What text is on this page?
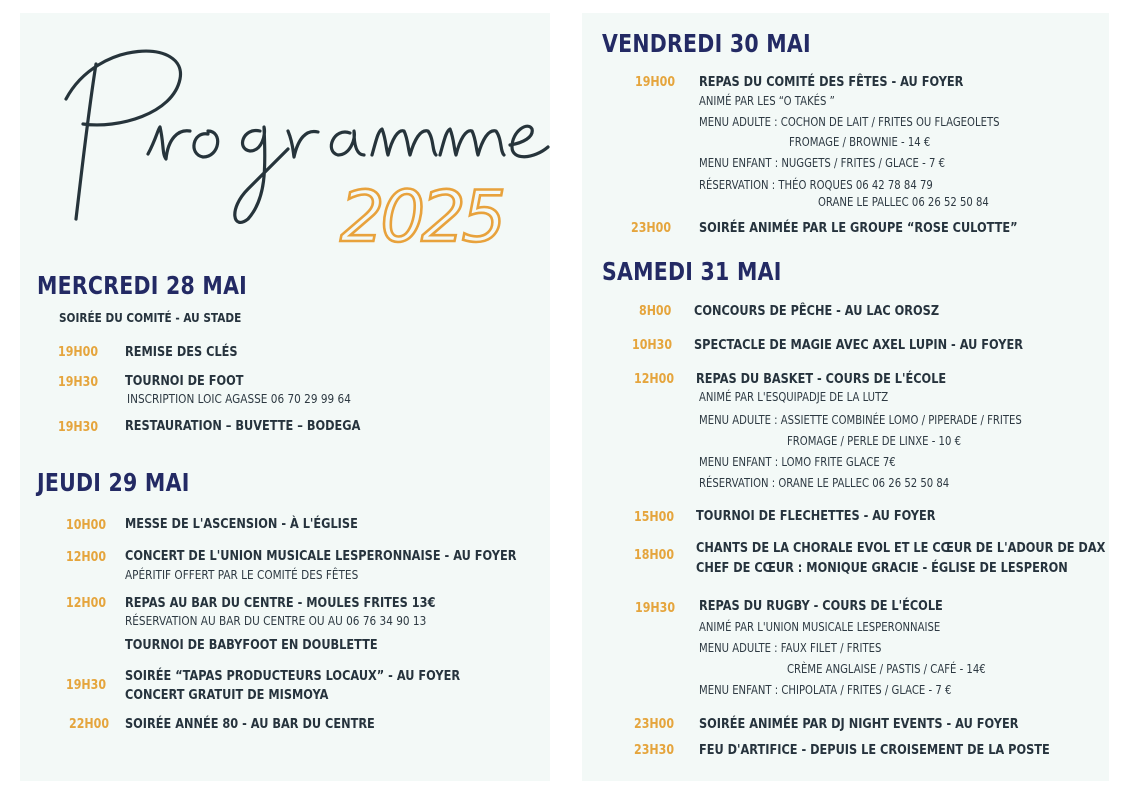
2025
MERCREDI 28 MAI
SOIRÉE DU COMITÉ - AU STADE
19H00 REMISE DES CLÉS
19H30 TOURNOI DE FOOT
INSCRIPTION LOIC AGASSE 06 70 29 99 64
19H30 RESTAURATION – BUVETTE – BODEGA
JEUDI 29 MAI
10H00 MESSE DE L'ASCENSION - À L'ÉGLISE
12H00 CONCERT DE L'UNION MUSICALE LESPERONNAISE - AU FOYER
APÉRITIF OFFERT PAR LE COMITÉ DES FÊTES
12H00 REPAS AU BAR DU CENTRE - MOULES FRITES 13€
RÉSERVATION AU BAR DU CENTRE OU AU 06 76 34 90 13
TOURNOI DE BABYFOOT EN DOUBLETTE
19H30
SOIRÉE “TAPAS PRODUCTEURS LOCAUX” - AU FOYER
CONCERT GRATUIT DE MISMOYA
22H00 SOIRÉE ANNÉE 80 - AU BAR DU CENTRE
VENDREDI 30 MAI
19H00 REPAS DU COMITÉ DES FÊTES - AU FOYER
ANIMÉ PAR LES “O TAKÉS ”
MENU ADULTE : COCHON DE LAIT / FRITES OU FLAGEOLETS
FROMAGE / BROWNIE - 14 €
MENU ENFANT : NUGGETS / FRITES / GLACE - 7 €
RÉSERVATION : THÉO ROQUES 06 42 78 84 79
ORANE LE PALLEC 06 26 52 50 84
23H00 SOIRÉE ANIMÉE PAR LE GROUPE “ROSE CULOTTE”
SAMEDI 31 MAI
8H00 CONCOURS DE PÊCHE - AU LAC OROSZ
10H30 SPECTACLE DE MAGIE AVEC AXEL LUPIN - AU FOYER
12H00 REPAS DU BASKET - COURS DE L'ÉCOLE
ANIMÉ PAR L'ESQUIPADJE DE LA LUTZ
MENU ADULTE : ASSIETTE COMBINÉE LOMO / PIPERADE / FRITES
FROMAGE / PERLE DE LINXE - 10 €
MENU ENFANT : LOMO FRITE GLACE 7€
RÉSERVATION : ORANE LE PALLEC 06 26 52 50 84
15H00 TOURNOI DE FLECHETTES - AU FOYER
18H00 CHANTS DE LA CHORALE EVOL ET LE CŒUR DE L'ADOUR DE DAX
CHEF DE CŒUR : MONIQUE GRACIE - ÉGLISE DE LESPERON
19H30 REPAS DU RUGBY - COURS DE L'ÉCOLE
ANIMÉ PAR L'UNION MUSICALE LESPERONNAISE
MENU ADULTE : FAUX FILET / FRITES
CRÈME ANGLAISE / PASTIS / CAFÉ - 14€
MENU ENFANT : CHIPOLATA / FRITES / GLACE - 7 €
23H00 SOIRÉE ANIMÉE PAR DJ NIGHT EVENTS - AU FOYER
23H30 FEU D'ARTIFICE - DEPUIS LE CROISEMENT DE LA POSTE
